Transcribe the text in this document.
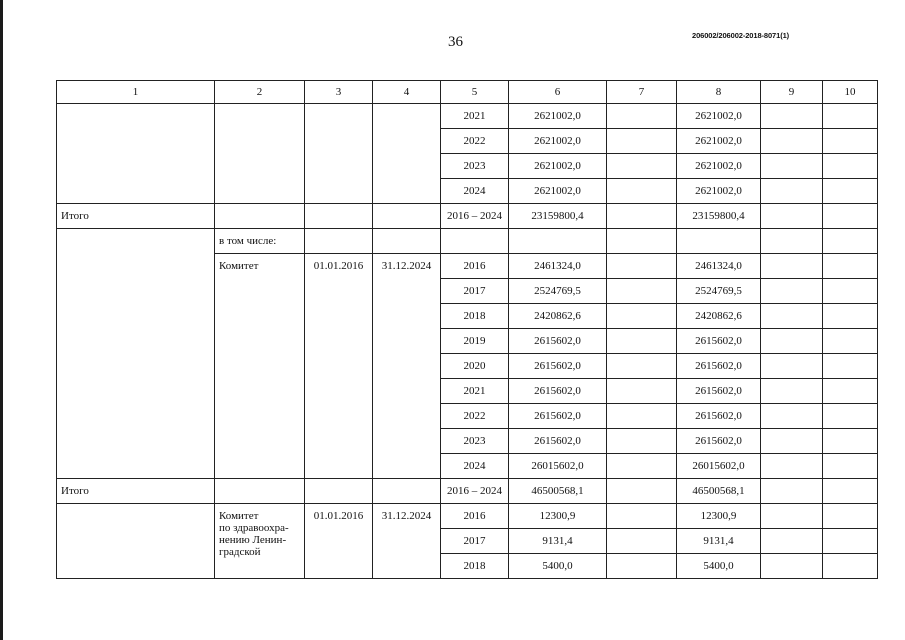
36	206002/206002-2018-8071(1)
1	2	3	4	5	6	7	8	9	10
				2021	2621002,0		2621002,0		
				2022	2621002,0		2621002,0		
				2023	2621002,0		2621002,0		
				2024	2621002,0		2621002,0		
Итого				2016 – 2024	23159800,4		23159800,4		
	в том числе:								
	Комитет	01.01.2016	31.12.2024	2016	2461324,0		2461324,0		
				2017	2524769,5		2524769,5		
				2018	2420862,6		2420862,6		
				2019	2615602,0		2615602,0		
				2020	2615602,0		2615602,0		
				2021	2615602,0		2615602,0		
				2022	2615602,0		2615602,0		
				2023	2615602,0		2615602,0		
				2024	26015602,0		26015602,0		
Итого				2016 – 2024	46500568,1		46500568,1		
	Комитет
по здравоохра-
нению Ленин-
градской	01.01.2016	31.12.2024	2016	12300,9		12300,9		
				2017	9131,4		9131,4		
				2018	5400,0		5400,0		
